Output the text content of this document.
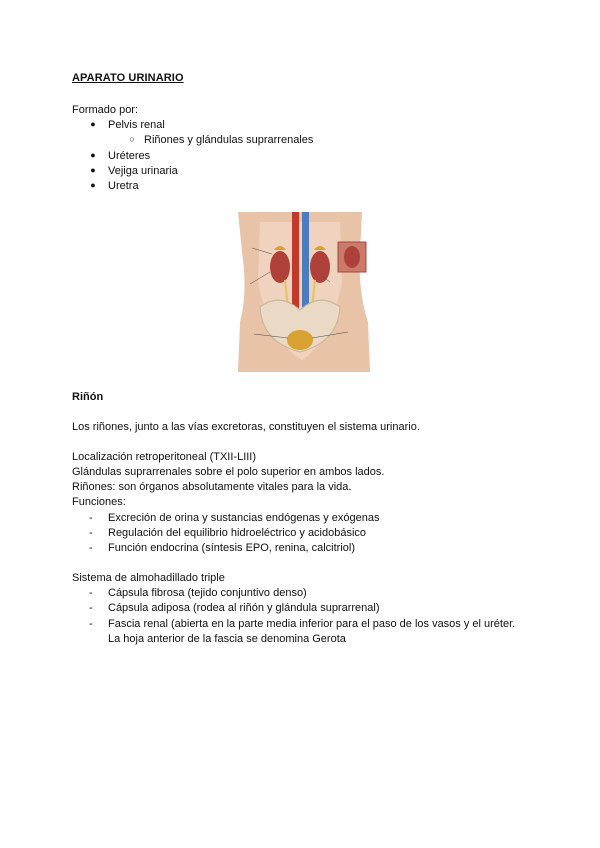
APARATO URINARIO
Formado por:
● Pelvis renal
○ Riñones y glándulas suprarrenales
● Uréteres
● Vejiga urinaria
● Uretra
Riñón
Los riñones, junto a las vías excretoras, constituyen el sistema urinario.
Localización retroperitoneal (TXII-LIII)
Glándulas suprarrenales sobre el polo superior en ambos lados.
Riñones: son órganos absolutamente vitales para la vida.
Funciones:
- Excreción de orina y sustancias endógenas y exógenas
- Regulación del equilibrio hidroeléctrico y acidobásico
- Función endocrina (síntesis EPO, renina, calcitriol)
Sistema de almohadillado triple
- Cápsula fibrosa (tejido conjuntivo denso)
- Cápsula adiposa (rodea al riñón y glándula suprarrenal)
- Fascia renal (abierta en la parte media inferior para el paso de los vasos y el uréter.
La hoja anterior de la fascia se denomina Gerota
